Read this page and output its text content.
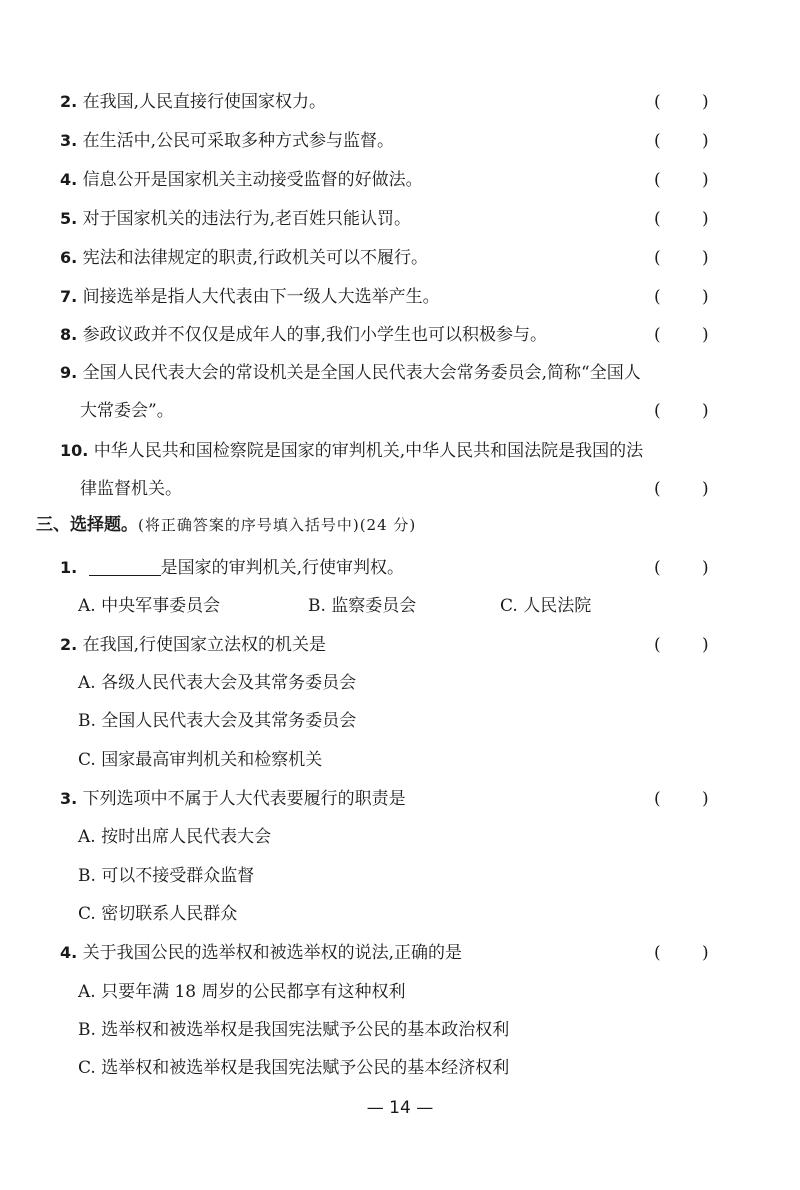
2. 在我国,人民直接行使国家权力。	( )
3. 在生活中,公民可采取多种方式参与监督。	( )
4. 信息公开是国家机关主动接受监督的好做法。	( )
5. 对于国家机关的违法行为,老百姓只能认罚。	( )
6. 宪法和法律规定的职责,行政机关可以不履行。	( )
7. 间接选举是指人大代表由下一级人大选举产生。	( )
8. 参政议政并不仅仅是成年人的事,我们小学生也可以积极参与。	( )
9. 全国人民代表大会的常设机关是全国人民代表大会常务委员会,简称“全国人
大常委会”。	( )
10. 中华人民共和国检察院是国家的审判机关,中华人民共和国法院是我国的法
律监督机关。	( )
三、选择题。(将正确答案的序号填入括号中)(24 分)
1.	是国家的审判机关,行使审判权。	( )
A. 中央军事委员会	B. 监察委员会	C. 人民法院
2. 在我国,行使国家立法权的机关是	( )
A. 各级人民代表大会及其常务委员会
B. 全国人民代表大会及其常务委员会
C. 国家最高审判机关和检察机关
3. 下列选项中不属于人大代表要履行的职责是	( )
A. 按时出席人民代表大会
B. 可以不接受群众监督
C. 密切联系人民群众
4. 关于我国公民的选举权和被选举权的说法,正确的是	( )
A. 只要年满 18 周岁的公民都享有这种权利
B. 选举权和被选举权是我国宪法赋予公民的基本政治权利
C. 选举权和被选举权是我国宪法赋予公民的基本经济权利
— 14 —
